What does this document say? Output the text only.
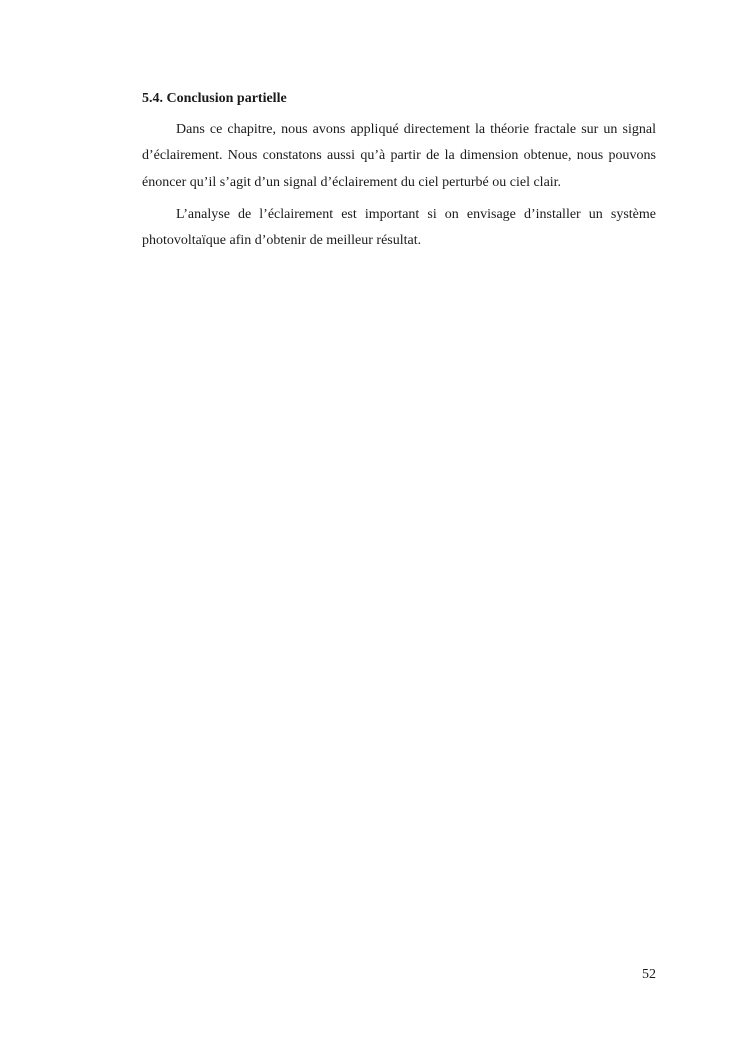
5.4. Conclusion partielle

Dans ce chapitre, nous avons appliqué directement la théorie fractale sur un signal d’éclairement. Nous constatons aussi qu’à partir de la dimension obtenue, nous pouvons énoncer qu’il s’agit d’un signal d’éclairement du ciel perturbé ou ciel clair.

L’analyse de l’éclairement est important si on envisage d’installer un système photovoltaïque afin d’obtenir de meilleur résultat.

52
